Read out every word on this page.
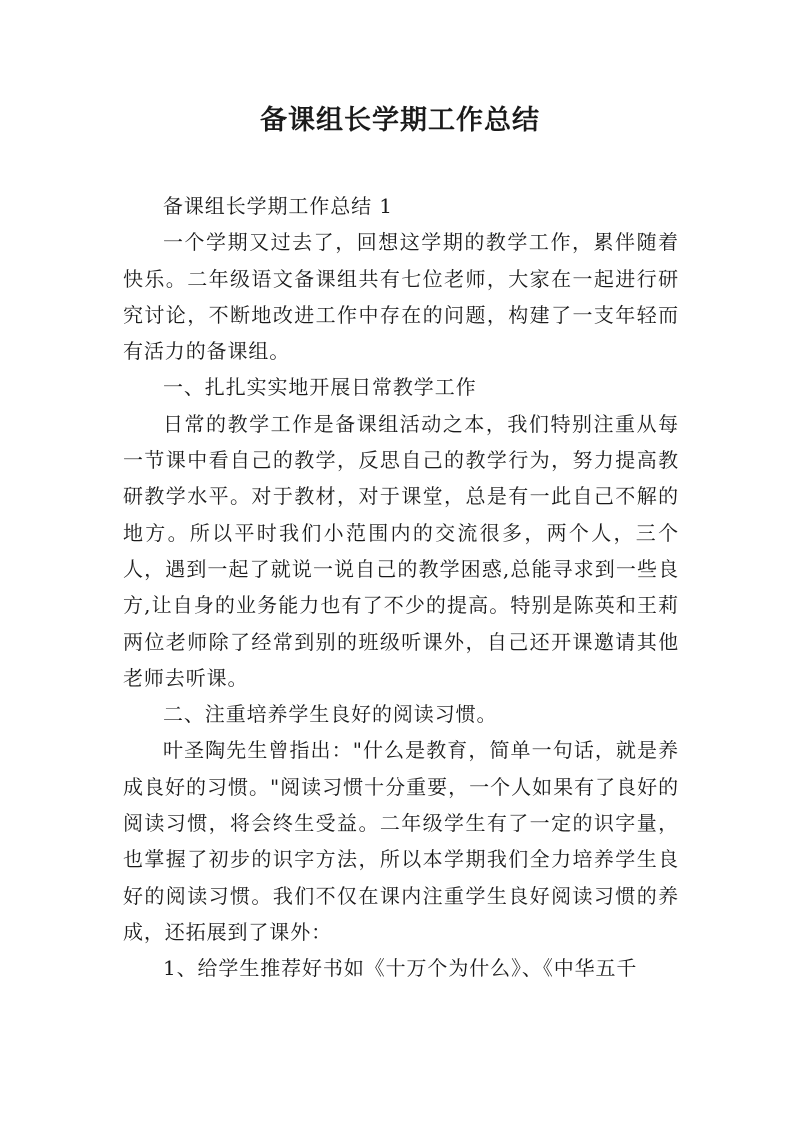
备课组长学期工作总结

备课组长学期工作总结 1

一个学期又过去了，回想这学期的教学工作，累伴随着快乐。二年级语文备课组共有七位老师，大家在一起进行研究讨论，不断地改进工作中存在的问题，构建了一支年轻而有活力的备课组。

一、扎扎实实地开展日常教学工作

日常的教学工作是备课组活动之本，我们特别注重从每一节课中看自己的教学，反思自己的教学行为，努力提高教研教学水平。对于教材，对于课堂，总是有一此自己不解的地方。所以平时我们小范围内的交流很多，两个人，三个人，遇到一起了就说一说自己的教学困惑,总能寻求到一些良方,让自身的业务能力也有了不少的提高。特别是陈英和王莉两位老师除了经常到别的班级听课外，自己还开课邀请其他老师去听课。

二、注重培养学生良好的阅读习惯。

叶圣陶先生曾指出："什么是教育，简单一句话，就是养成良好的习惯。"阅读习惯十分重要，一个人如果有了良好的阅读习惯，将会终生受益。二年级学生有了一定的识字量，也掌握了初步的识字方法，所以本学期我们全力培养学生良好的阅读习惯。我们不仅在课内注重学生良好阅读习惯的养成，还拓展到了课外：

1、给学生推荐好书如《十万个为什么》、《中华五千
